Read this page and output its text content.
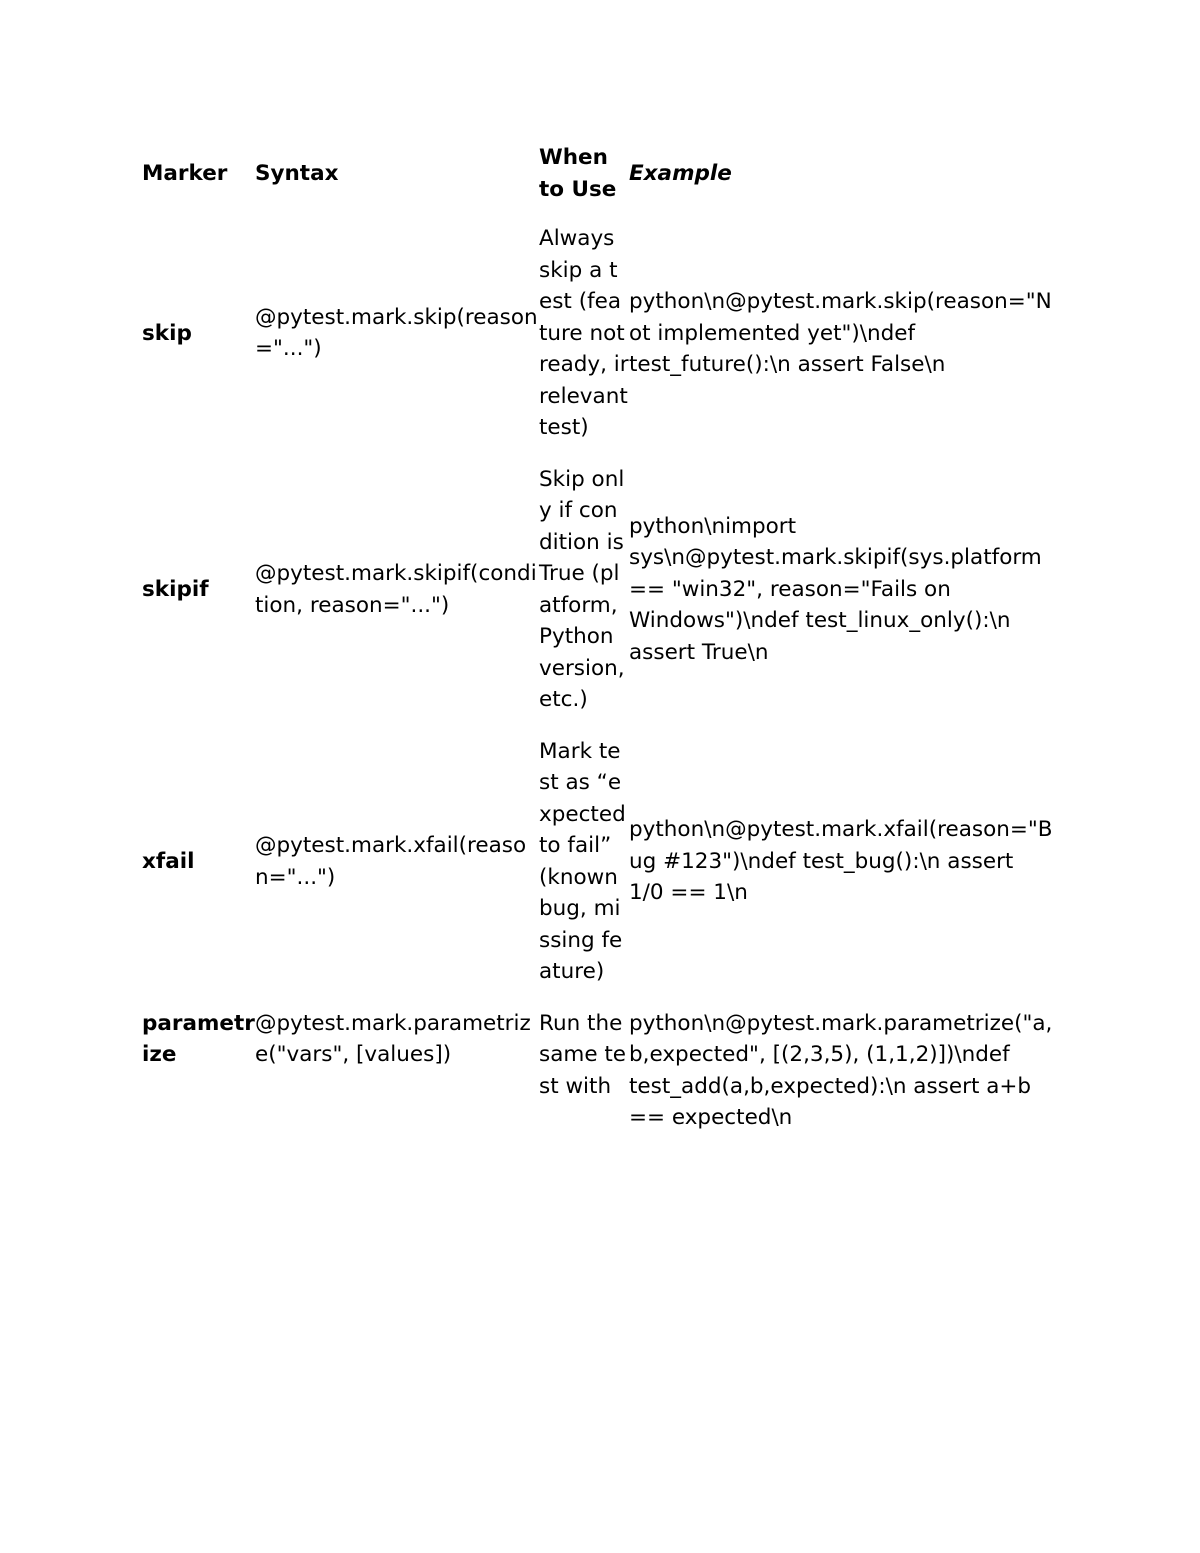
Marker	Syntax	When to Use	Example
skip	@pytest.mark.skip(reason="...")	Always skip a test (feature not ready, irrelevant test)	python\n@pytest.mark.skip(reason="Not implemented yet")\ndef test_future():\n assert False\n
skipif	@pytest.mark.skipif(condition, reason="...")	Skip only if condition is True (platform, Python version, etc.)	python\nimport sys\n@pytest.mark.skipif(sys.platform == "win32", reason="Fails on Windows")\ndef test_linux_only():\n assert True\n
xfail	@pytest.mark.xfail(reason="...")	Mark test as “expected to fail” (known bug, missing feature)	python\n@pytest.mark.xfail(reason="Bug #123")\ndef test_bug():\n assert 1/0 == 1\n
parametrize	@pytest.mark.parametrize("vars", [values])	Run the same test with	python\n@pytest.mark.parametrize("a,b,expected", [(2,3,5), (1,1,2)])\ndef test_add(a,b,expected):\n assert a+b == expected\n
